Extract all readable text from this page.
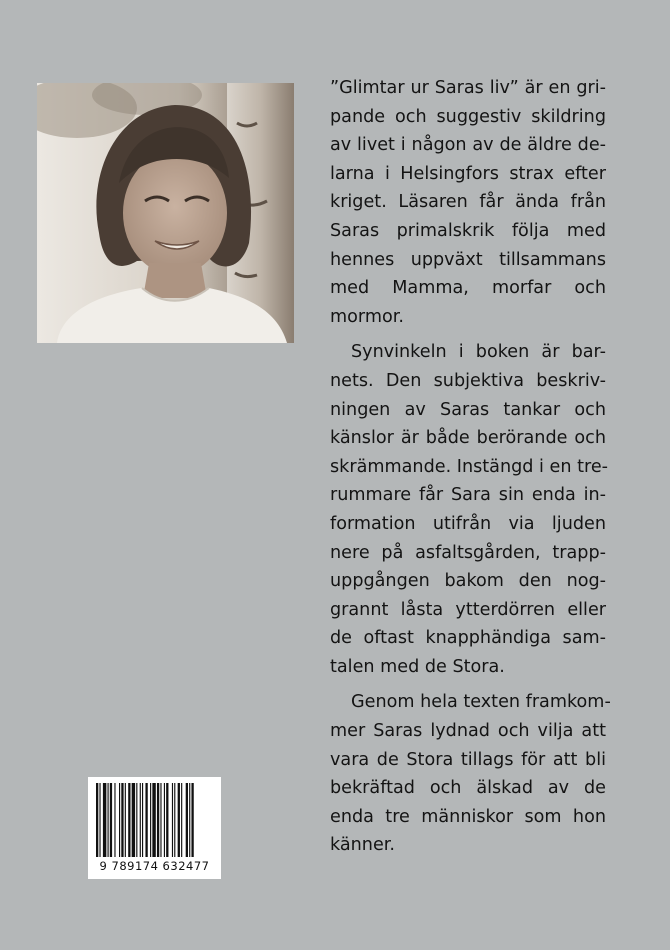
”Glimtar ur Saras liv” är en gri-
pande och suggestiv skildring
av livet i någon av de äldre de-
larna i Helsingfors strax efter
kriget. Läsaren får ända från
Saras primalskrik följa med
hennes uppväxt tillsammans
med Mamma, morfar och
mormor.
Synvinkeln i boken är bar-
nets. Den subjektiva beskriv-
ningen av Saras tankar och
känslor är både berörande och
skrämmande. Instängd i en tre-
rummare får Sara sin enda in-
formation utifrån via ljuden
nere på asfaltsgården, trapp-
uppgången bakom den nog-
grannt låsta ytterdörren eller
de oftast knapphändiga sam-
talen med de Stora.
Genom hela texten framkom-
mer Saras lydnad och vilja att
vara de Stora tillags för att bli
bekräftad och älskad av de
enda tre människor som hon
känner.
9 789174 632477
